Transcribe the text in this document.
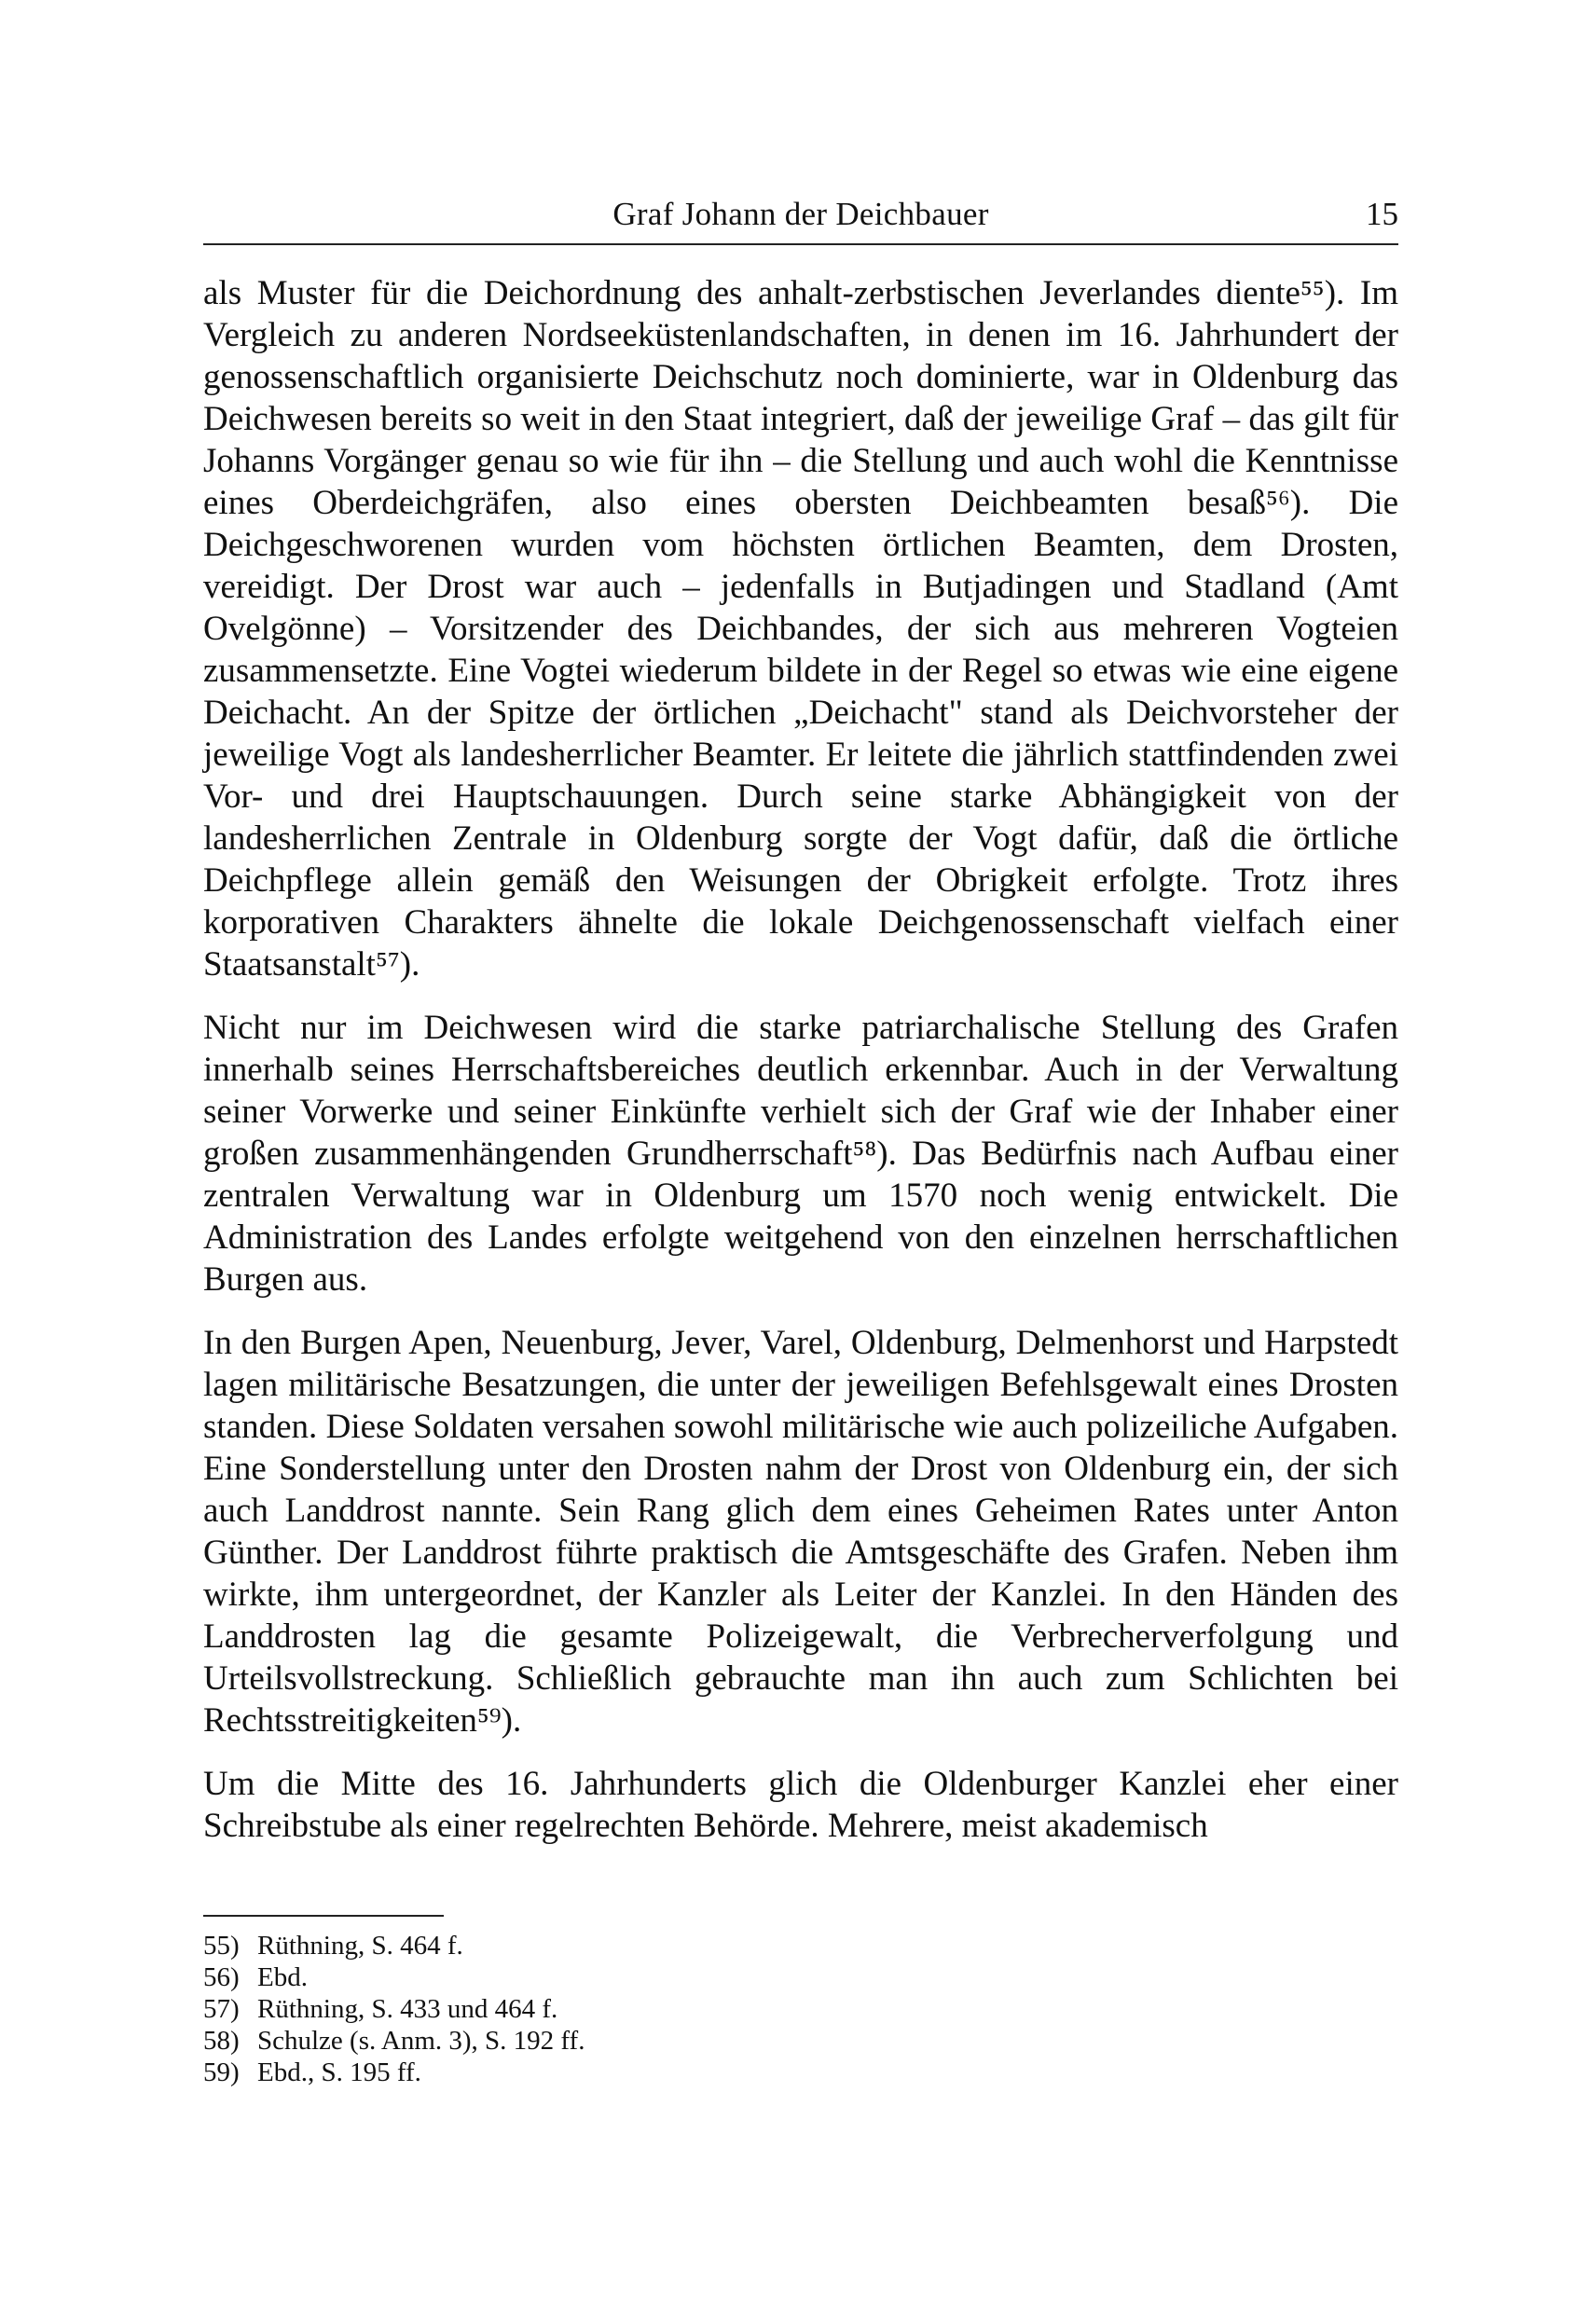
Graf Johann der Deichbauer	15

als Muster für die Deichordnung des anhalt-zerbstischen Jeverlandes diente⁵⁵). Im Vergleich zu anderen Nordseeküstenlandschaften, in denen im 16. Jahrhundert der genossenschaftlich organisierte Deichschutz noch dominierte, war in Oldenburg das Deichwesen bereits so weit in den Staat integriert, daß der jeweilige Graf – das gilt für Johanns Vorgänger genau so wie für ihn – die Stellung und auch wohl die Kenntnisse eines Oberdeichgräfen, also eines obersten Deichbeamten besaß⁵⁶). Die Deichgeschworenen wurden vom höchsten örtlichen Beamten, dem Drosten, vereidigt. Der Drost war auch – jedenfalls in Butjadingen und Stadland (Amt Ovelgönne) – Vorsitzender des Deichbandes, der sich aus mehreren Vogteien zusammensetzte. Eine Vogtei wiederum bildete in der Regel so etwas wie eine eigene Deichacht. An der Spitze der örtlichen „Deichacht" stand als Deichvorsteher der jeweilige Vogt als landesherrlicher Beamter. Er leitete die jährlich stattfindenden zwei Vor- und drei Hauptschauungen. Durch seine starke Abhängigkeit von der landesherrlichen Zentrale in Oldenburg sorgte der Vogt dafür, daß die örtliche Deichpflege allein gemäß den Weisungen der Obrigkeit erfolgte. Trotz ihres korporativen Charakters ähnelte die lokale Deichgenossenschaft vielfach einer Staatsanstalt⁵⁷).

Nicht nur im Deichwesen wird die starke patriarchalische Stellung des Grafen innerhalb seines Herrschaftsbereiches deutlich erkennbar. Auch in der Verwaltung seiner Vorwerke und seiner Einkünfte verhielt sich der Graf wie der Inhaber einer großen zusammenhängenden Grundherrschaft⁵⁸). Das Bedürfnis nach Aufbau einer zentralen Verwaltung war in Oldenburg um 1570 noch wenig entwickelt. Die Administration des Landes erfolgte weitgehend von den einzelnen herrschaftlichen Burgen aus.

In den Burgen Apen, Neuenburg, Jever, Varel, Oldenburg, Delmenhorst und Harpstedt lagen militärische Besatzungen, die unter der jeweiligen Befehlsgewalt eines Drosten standen. Diese Soldaten versahen sowohl militärische wie auch polizeiliche Aufgaben. Eine Sonderstellung unter den Drosten nahm der Drost von Oldenburg ein, der sich auch Landdrost nannte. Sein Rang glich dem eines Geheimen Rates unter Anton Günther. Der Landdrost führte praktisch die Amtsgeschäfte des Grafen. Neben ihm wirkte, ihm untergeordnet, der Kanzler als Leiter der Kanzlei. In den Händen des Landdrosten lag die gesamte Polizeigewalt, die Verbrecherverfolgung und Urteilsvollstreckung. Schließlich gebrauchte man ihn auch zum Schlichten bei Rechtsstreitigkeiten⁵⁹).

Um die Mitte des 16. Jahrhunderts glich die Oldenburger Kanzlei eher einer Schreibstube als einer regelrechten Behörde. Mehrere, meist akademisch

55) Rüthning, S. 464 f.
56) Ebd.
57) Rüthning, S. 433 und 464 f.
58) Schulze (s. Anm. 3), S. 192 ff.
59) Ebd., S. 195 ff.
